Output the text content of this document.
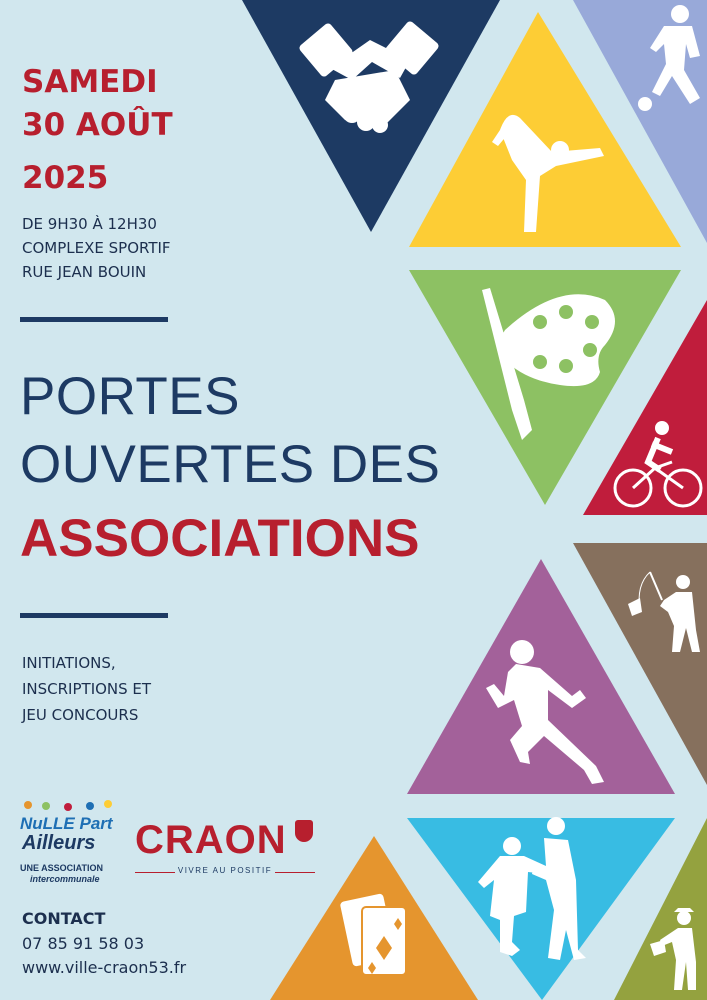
SAMEDI
30 AOÛT
2025
DE 9H30 À 12H30
COMPLEXE SPORTIF
RUE JEAN BOUIN
PORTES
OUVERTES DES
ASSOCIATIONS
INITIATIONS,
INSCRIPTIONS ET
JEU CONCOURS
NuLLE Part
Ailleurs
UNE ASSOCIATION
intercommunale
CRAON
VIVRE AU POSITIF
CONTACT
07 85 91 58 03
www.ville-craon53.fr
